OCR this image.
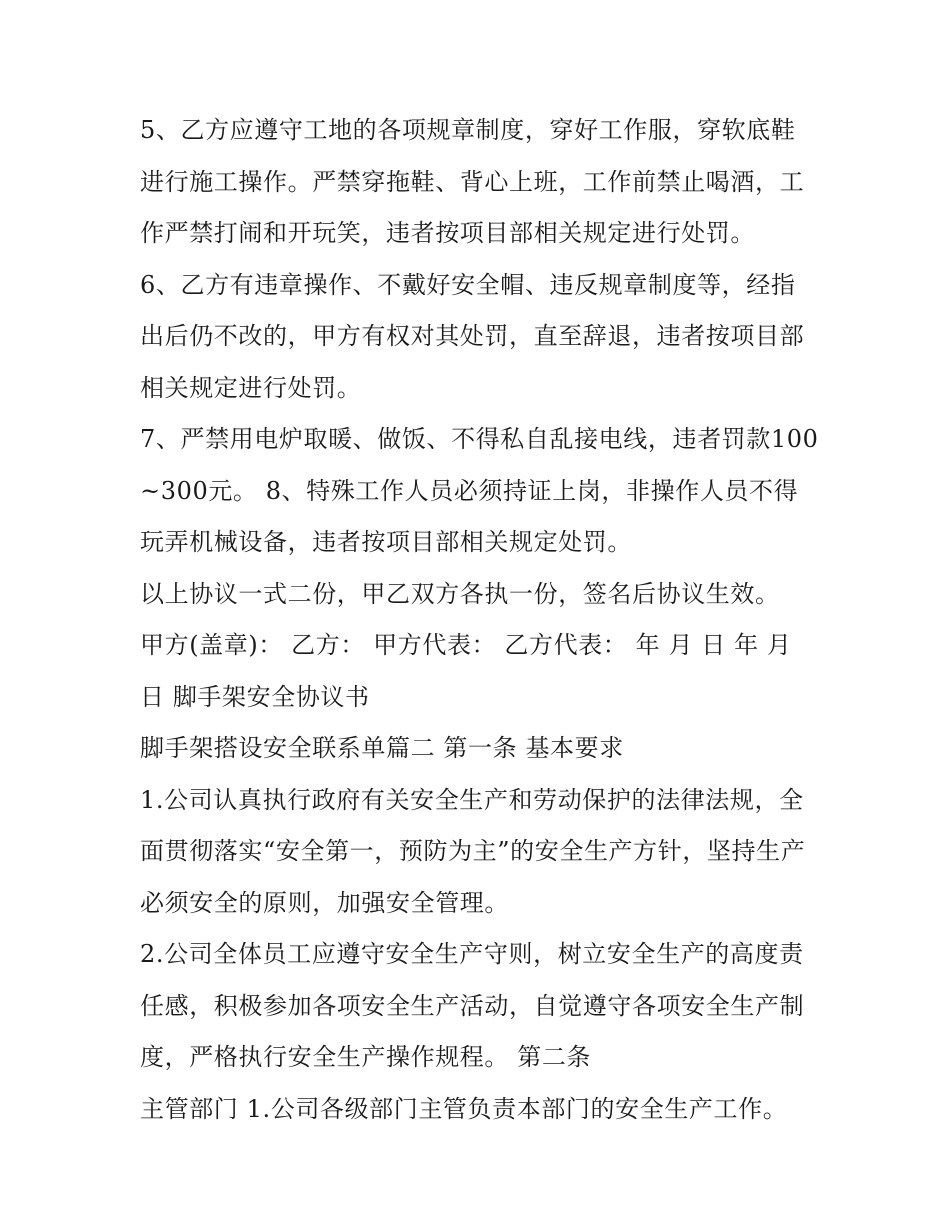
5、乙方应遵守工地的各项规章制度，穿好工作服，穿软底鞋进行施工操作。严禁穿拖鞋、背心上班，工作前禁止喝酒，工作严禁打闹和开玩笑，违者按项目部相关规定进行处罚。

6、乙方有违章操作、不戴好安全帽、违反规章制度等，经指出后仍不改的，甲方有权对其处罚，直至辞退，违者按项目部相关规定进行处罚。

7、严禁用电炉取暖、做饭、不得私自乱接电线，违者罚款100~300元。 8、特殊工作人员必须持证上岗，非操作人员不得玩弄机械设备，违者按项目部相关规定处罚。

以上协议一式二份，甲乙双方各执一份，签名后协议生效。

甲方(盖章)： 乙方： 甲方代表： 乙方代表： 年 月 日 年 月 日 脚手架安全协议书

脚手架搭设安全联系单篇二 第一条 基本要求

1.公司认真执行政府有关安全生产和劳动保护的法律法规，全面贯彻落实“安全第一，预防为主”的安全生产方针，坚持生产必须安全的原则，加强安全管理。

2.公司全体员工应遵守安全生产守则，树立安全生产的高度责任感，积极参加各项安全生产活动，自觉遵守各项安全生产制度，严格执行安全生产操作规程。 第二条

主管部门 1.公司各级部门主管负责本部门的安全生产工作。
